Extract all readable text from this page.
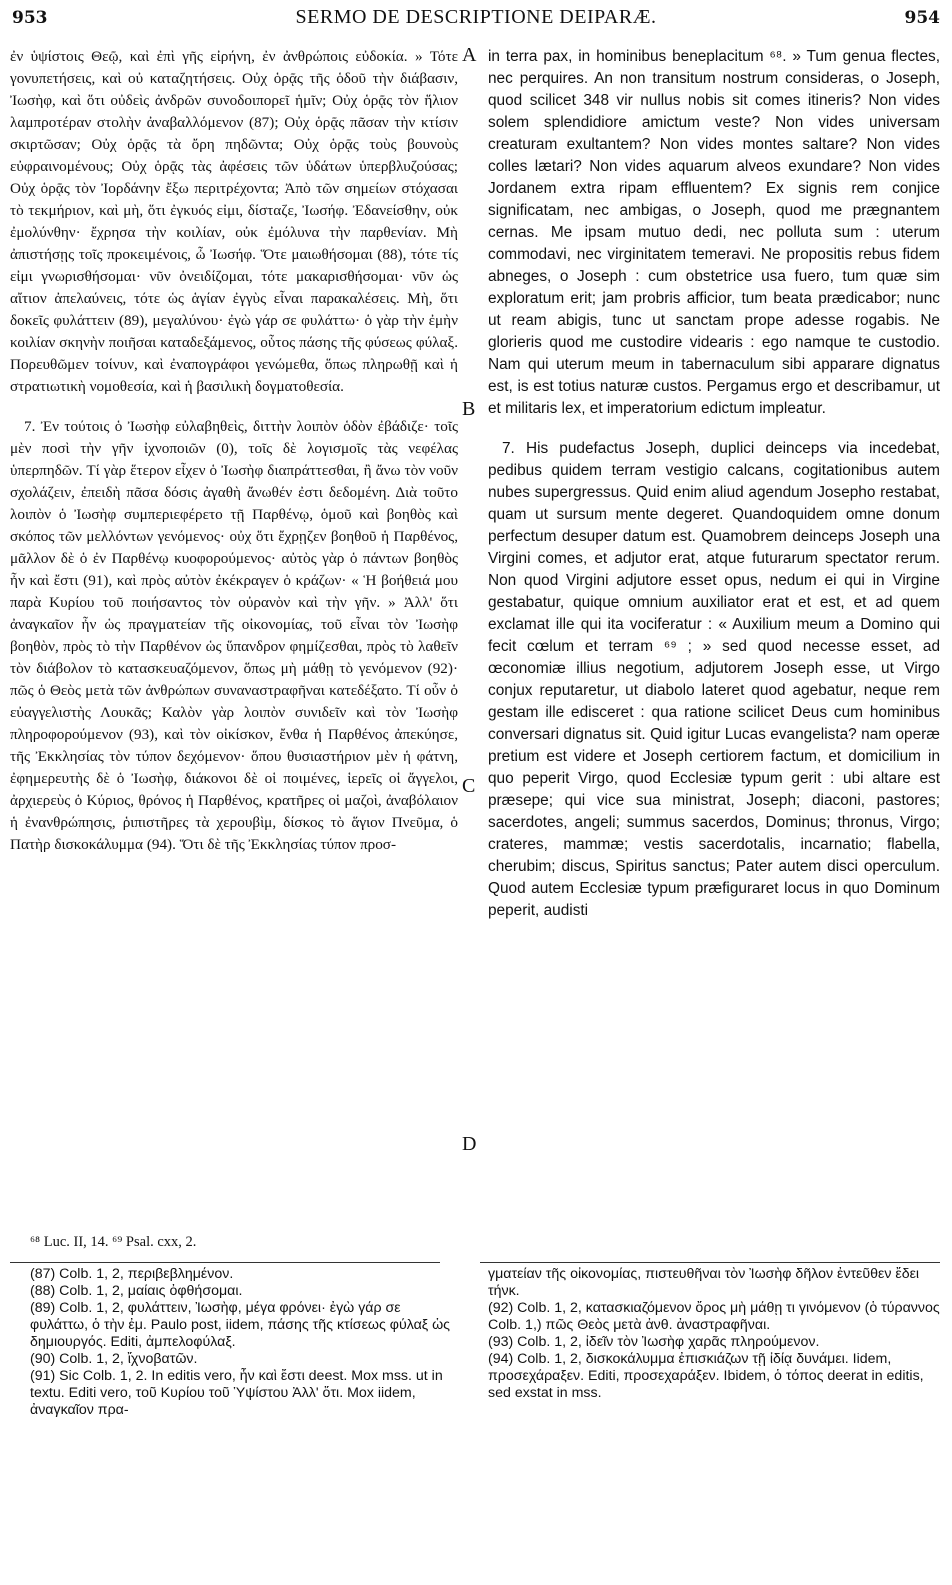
953	SERMO DE DESCRIPTIONE DEIPARÆ.	954

ἐν ὑψίστοις Θεῷ, καὶ ἐπὶ γῆς εἰρήνη, ἐν ἀνθρώποις εὐδοκία. » Τότε γονυπετήσεις, καὶ οὐ καταζητήσεις. Οὐχ ὁρᾷς τῆς ὁδοῦ τὴν διάβασιν, Ἰωσὴφ, καὶ ὅτι οὐδεὶς ἀνδρῶν συνοδοιπορεῖ ἡμῖν; Οὐχ ὁρᾷς τὸν ἥλιον λαμπροτέραν στολὴν ἀναβαλλόμενον (87); Οὐχ ὁρᾷς πᾶσαν τὴν κτίσιν σκιρτῶσαν; Οὐχ ὁρᾷς τὰ ὄρη πηδῶντα; Οὐχ ὁρᾷς τοὺς βουνοὺς εὐφραινομένους; Οὐχ ὁρᾷς τὰς ἀφέσεις τῶν ὑδάτων ὑπερβλυζούσας; Οὐχ ὁρᾷς τὸν Ἰορδάνην ἔξω περιτρέχοντα; Ἀπὸ τῶν σημείων στόχασαι τὸ τεκμήριον, καὶ μὴ, ὅτι ἐγκυός εἰμι, δίσταζε, Ἰωσήφ. Ἐδανείσθην, οὐκ ἐμολύνθην· ἔχρησα τὴν κοιλίαν, οὐκ ἐμόλυνα τὴν παρθενίαν. Μὴ ἀπιστήσῃς τοῖς προκειμένοις, ὦ Ἰωσήφ. Ὅτε μαιωθήσομαι (88), τότε τίς εἰμι γνωρισθήσομαι· νῦν ὀνειδίζομαι, τότε μακαρισθήσομαι· νῦν ὡς αἴτιον ἀπελαύνεις, τότε ὡς ἁγίαν ἐγγὺς εἶναι παρακαλέσεις. Μὴ, ὅτι δοκεῖς φυλάττειν (89), μεγαλύνου· ἐγὼ γάρ σε φυλάττω· ὁ γὰρ τὴν ἐμὴν κοιλίαν σκηνὴν ποιῆσαι καταδεξάμενος, οὗτος πάσης τῆς φύσεως φύλαξ. Πορευθῶμεν τοίνυν, καὶ ἐναπογράφοι γενώμεθα, ὅπως πληρωθῇ καὶ ἡ στρατιωτικὴ νομοθεσία, καὶ ἡ βασιλικὴ δογματοθεσία.

7. Ἐν τούτοις ὁ Ἰωσὴφ εὐλαβηθεὶς, διττὴν λοιπὸν ὁδὸν ἐβάδιζε· τοῖς μὲν ποσὶ τὴν γῆν ἰχνοποιῶν (0), τοῖς δὲ λογισμοῖς τὰς νεφέλας ὑπερπηδῶν. Τί γὰρ ἕτερον εἶχεν ὁ Ἰωσὴφ διαπράττεσθαι, ἢ ἄνω τὸν νοῦν σχολάζειν, ἐπειδὴ πᾶσα δόσις ἀγαθὴ ἄνωθέν ἐστι δεδομένη. Διὰ τοῦτο λοιπὸν ὁ Ἰωσὴφ συμπεριεφέρετο τῇ Παρθένῳ, ὁμοῦ καὶ βοηθὸς καὶ σκόπος τῶν μελλόντων γενόμενος· οὐχ ὅτι ἔχρῃζεν βοηθοῦ ἡ Παρθένος, μᾶλλον δὲ ὁ ἐν Παρθένῳ κυοφορούμενος· αὐτὸς γὰρ ὁ πάντων βοηθὸς ἦν καὶ ἔστι (91), καὶ πρὸς αὐτὸν ἐκέκραγεν ὁ κράζων· « Ἡ βοήθειά μου παρὰ Κυρίου τοῦ ποιήσαντος τὸν οὐρανὸν καὶ τὴν γῆν. » Ἀλλ' ὅτι ἀναγκαῖον ἦν ὡς πραγματείαν τῆς οἰκονομίας, τοῦ εἶναι τὸν Ἰωσὴφ βοηθὸν, πρὸς τὸ τὴν Παρθένον ὡς ὕπανδρον φημίζεσθαι, πρὸς τὸ λαθεῖν τὸν διάβολον τὸ κατασκευαζόμενον, ὅπως μὴ μάθῃ τὸ γενόμενον (92)· πῶς ὁ Θεὸς μετὰ τῶν ἀνθρώπων συναναστραφῆναι κατεδέξατο. Τί οὖν ὁ εὐαγγελιστὴς Λουκᾶς; Καλὸν γὰρ λοιπὸν συνιδεῖν καὶ τὸν Ἰωσὴφ πληροφορούμενον (93), καὶ τὸν οἰκίσκον, ἔνθα ἡ Παρθένος ἀπεκύησε, τῆς Ἐκκλησίας τὸν τύπον δεχόμενον· ὅπου θυσιαστήριον μὲν ἡ φάτνη, ἐφημερευτὴς δὲ ὁ Ἰωσὴφ, διάκονοι δὲ οἱ ποιμένες, ἱερεῖς οἱ ἄγγελοι, ἀρχιερεὺς ὁ Κύριος, θρόνος ἡ Παρθένος, κρατῆρες οἱ μαζοὶ, ἀναβόλαιον ἡ ἐνανθρώπησις, ῥιπιστῆρες τὰ χερουβὶμ, δίσκος τὸ ἅγιον Πνεῦμα, ὁ Πατὴρ δισκοκάλυμμα (94). Ὅτι δὲ τῆς Ἐκκλησίας τύπον προσ-

A
B
C
D

in terra pax, in hominibus beneplacitum ⁶⁸. » Tum genua flectes, nec perquires. An non transitum nostrum consideras, o Joseph, quod scilicet 348 vir nullus nobis sit comes itineris? Non vides solem splendidiore amictum veste? Non vides universam creaturam exultantem? Non vides montes saltare? Non vides colles lætari? Non vides aquarum alveos exundare? Non vides Jordanem extra ripam effluentem? Ex signis rem conjice significatam, nec ambigas, o Joseph, quod me prægnantem cernas. Me ipsam mutuo dedi, nec polluta sum : uterum commodavi, nec virginitatem temeravi. Ne propositis rebus fidem abneges, o Joseph : cum obstetrice usa fuero, tum quæ sim exploratum erit; jam probris afficior, tum beata prædicabor; nunc ut ream abigis, tunc ut sanctam prope adesse rogabis. Ne glorieris quod me custodire videaris : ego namque te custodio. Nam qui uterum meum in tabernaculum sibi apparare dignatus est, is est totius naturæ custos. Pergamus ergo et describamur, ut et militaris lex, et imperatorium edictum impleatur.

7. His pudefactus Joseph, duplici deinceps via incedebat, pedibus quidem terram vestigio calcans, cogitationibus autem nubes supergressus. Quid enim aliud agendum Josepho restabat, quam ut sursum mente degeret. Quandoquidem omne donum perfectum desuper datum est. Quamobrem deinceps Joseph una Virgini comes, et adjutor erat, atque futurarum spectator rerum. Non quod Virgini adjutore esset opus, nedum ei qui in Virgine gestabatur, quique omnium auxiliator erat et est, et ad quem exclamat ille qui ita vociferatur : « Auxilium meum a Domino qui fecit cœlum et terram ⁶⁹ ; » sed quod necesse esset, ad œconomiæ illius negotium, adjutorem Joseph esse, ut Virgo conjux reputaretur, ut diabolo lateret quod agebatur, neque rem gestam ille edisceret : qua ratione scilicet Deus cum hominibus conversari dignatus sit. Quid igitur Lucas evangelista? nam operæ pretium est videre et Joseph certiorem factum, et domicilium in quo peperit Virgo, quod Ecclesiæ typum gerit : ubi altare est præsepe; qui vice sua ministrat, Joseph; diaconi, pastores; sacerdotes, angeli; summus sacerdos, Dominus; thronus, Virgo; crateres, mammæ; vestis sacerdotalis, incarnatio; flabella, cherubim; discus, Spiritus sanctus; Pater autem disci operculum. Quod autem Ecclesiæ typum præfiguraret locus in quo Dominum peperit, audisti

⁶⁸ Luc. II, 14. ⁶⁹ Psal. cxx, 2.

(87) Colb. 1, 2, περιβεβλημένον.

(88) Colb. 1, 2, μαίαις ὀφθήσομαι.

(89) Colb. 1, 2, φυλάττειν, Ἰωσὴφ, μέγα φρόνει· ἐγὼ γάρ σε φυλάττω, ὁ τὴν ἐμ. Paulo post, iidem, πάσης τῆς κτίσεως φύλαξ ὡς δημιουργός. Editi, ἀμπελοφύλαξ.

(90) Colb. 1, 2, ἴχνοβατῶν.

(91) Sic Colb. 1, 2. In editis vero, ἦν καὶ ἔστι deest. Mox mss. ut in textu. Editi vero, τοῦ Κυρίου τοῦ Ὑψίστου Ἀλλ' ὅτι. Mox iidem, ἀναγκαῖον πρα-

γματείαν τῆς οἰκονομίας, πιστευθῆναι τὸν Ἰωσὴφ δῆλον ἐντεῦθεν ἔδει τήνκ.

(92) Colb. 1, 2, κατασκιαζόμενον ὄρος μὴ μάθῃ τι γινόμενον (ὁ τύραννος Colb. 1,) πῶς Θεὸς μετὰ ἀνθ. ἀναστραφῆναι.

(93) Colb. 1, 2, ἰδεῖν τὸν Ἰωσὴφ χαρᾶς πληρούμενον.

(94) Colb. 1, 2, δισκοκάλυμμα ἐπισκιάζων τῇ ἰδίᾳ δυνάμει. Iidem, προσεχάραξεν. Editi, προσεχαράξεν. Ibidem, ὁ τόπος deerat in editis, sed exstat in mss.
